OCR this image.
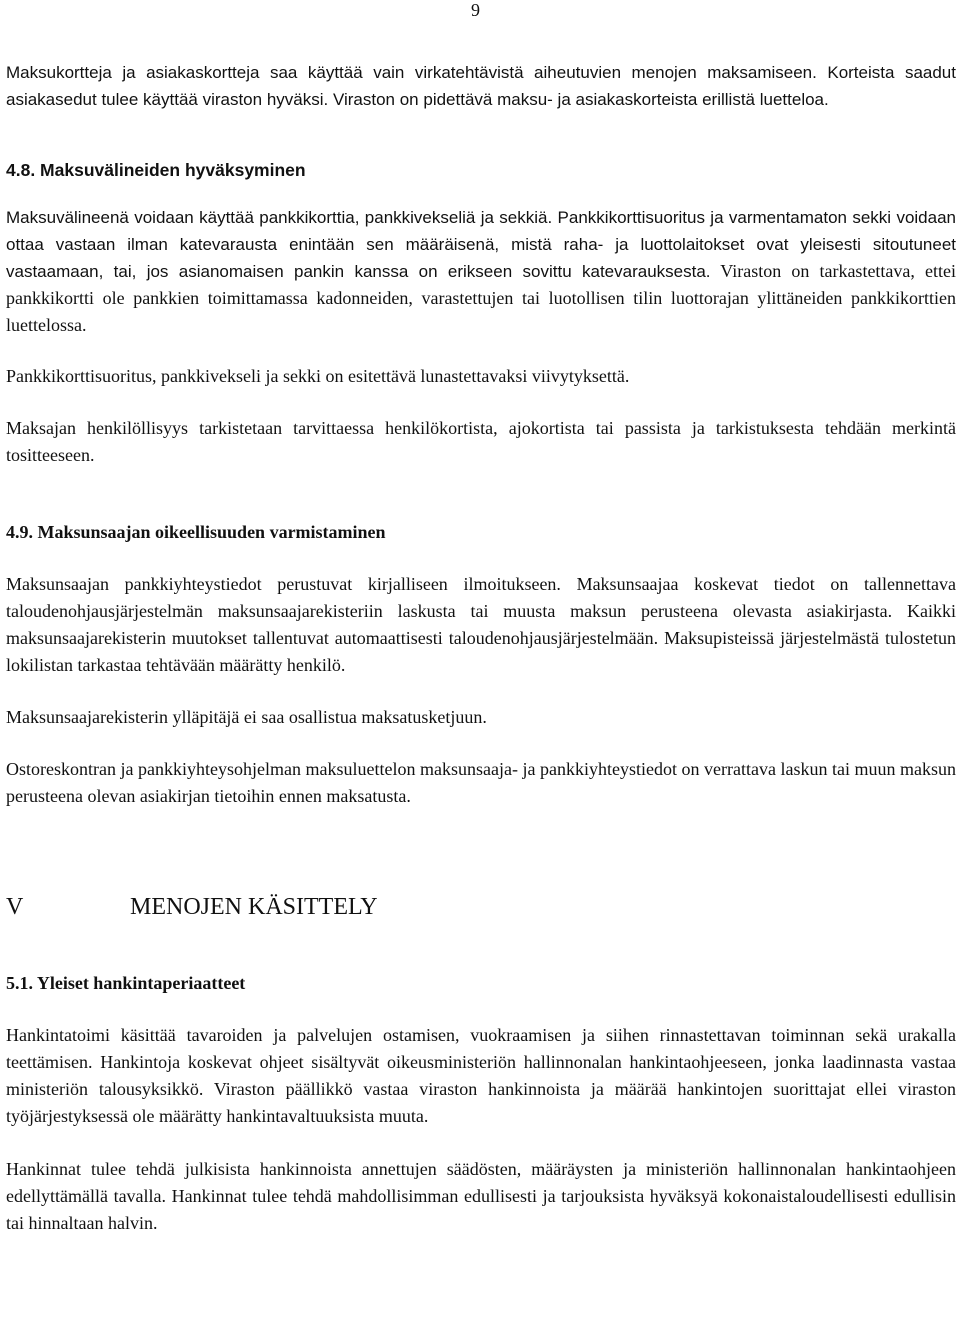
9

Maksukortteja ja asiakaskortteja saa käyttää vain virkatehtävistä aiheutuvien menojen maksamiseen. Korteista saadut asiakasedut tulee käyttää viraston hyväksi. Viraston on pidettävä maksu- ja asiakaskorteista erillistä luetteloa.

4.8. Maksuvälineiden hyväksyminen

Maksuvälineenä voidaan käyttää pankkikorttia, pankkivekseliä ja sekkiä. Pankkikorttisuoritus ja varmentamaton sekki voidaan ottaa vastaan ilman katevarausta enintään sen määräisenä, mistä raha- ja luottolaitokset ovat yleisesti sitoutuneet vastaamaan, tai, jos asianomaisen pankin kanssa on erikseen sovittu katevarauksesta. Viraston on tarkastettava, ettei pankkikortti ole pankkien toimittamassa kadonneiden, varastettujen tai luotollisen tilin luottorajan ylittäneiden pankkikorttien luettelossa.

Pankkikorttisuoritus, pankkivekseli ja sekki on esitettävä lunastettavaksi viivytyksettä.

Maksajan henkilöllisyys tarkistetaan tarvittaessa henkilökortista, ajokortista tai passista ja tarkistuksesta tehdään merkintä tositteeseen.

4.9. Maksunsaajan oikeellisuuden varmistaminen

Maksunsaajan pankkiyhteystiedot perustuvat kirjalliseen ilmoitukseen. Maksunsaajaa koskevat tiedot on tallennettava taloudenohjausjärjestelmän maksunsaajarekisteriin laskusta tai muusta maksun perusteena olevasta asiakirjasta. Kaikki maksunsaajarekisterin muutokset tallentuvat automaattisesti taloudenohjausjärjestelmään. Maksupisteissä järjestelmästä tulostetun lokilistan tarkastaa tehtävään määrätty henkilö.

Maksunsaajarekisterin ylläpitäjä ei saa osallistua maksatusketjuun.

Ostoreskontran ja pankkiyhteysohjelman maksuluettelon maksunsaaja- ja pankkiyhteystiedot on verrattava laskun tai muun maksun perusteena olevan asiakirjan tietoihin ennen maksatusta.

V	MENOJEN KÄSITTELY
5.1. Yleiset hankintaperiaatteet

Hankintatoimi käsittää tavaroiden ja palvelujen ostamisen, vuokraamisen ja siihen rinnastettavan toiminnan sekä urakalla teettämisen. Hankintoja koskevat ohjeet sisältyvät oikeusministeriön hallinnonalan hankintaohjeeseen, jonka laadinnasta vastaa ministeriön talousyksikkö. Viraston päällikkö vastaa viraston hankinnoista ja määrää hankintojen suorittajat ellei viraston työjärjestyksessä ole määrätty hankintavaltuuksista muuta.

Hankinnat tulee tehdä julkisista hankinnoista annettujen säädösten, määräysten ja ministeriön hallinnonalan hankintaohjeen edellyttämällä tavalla. Hankinnat tulee tehdä mahdollisimman edullisesti ja tarjouksista hyväksyä kokonaistaloudellisesti edullisin tai hinnaltaan halvin.
